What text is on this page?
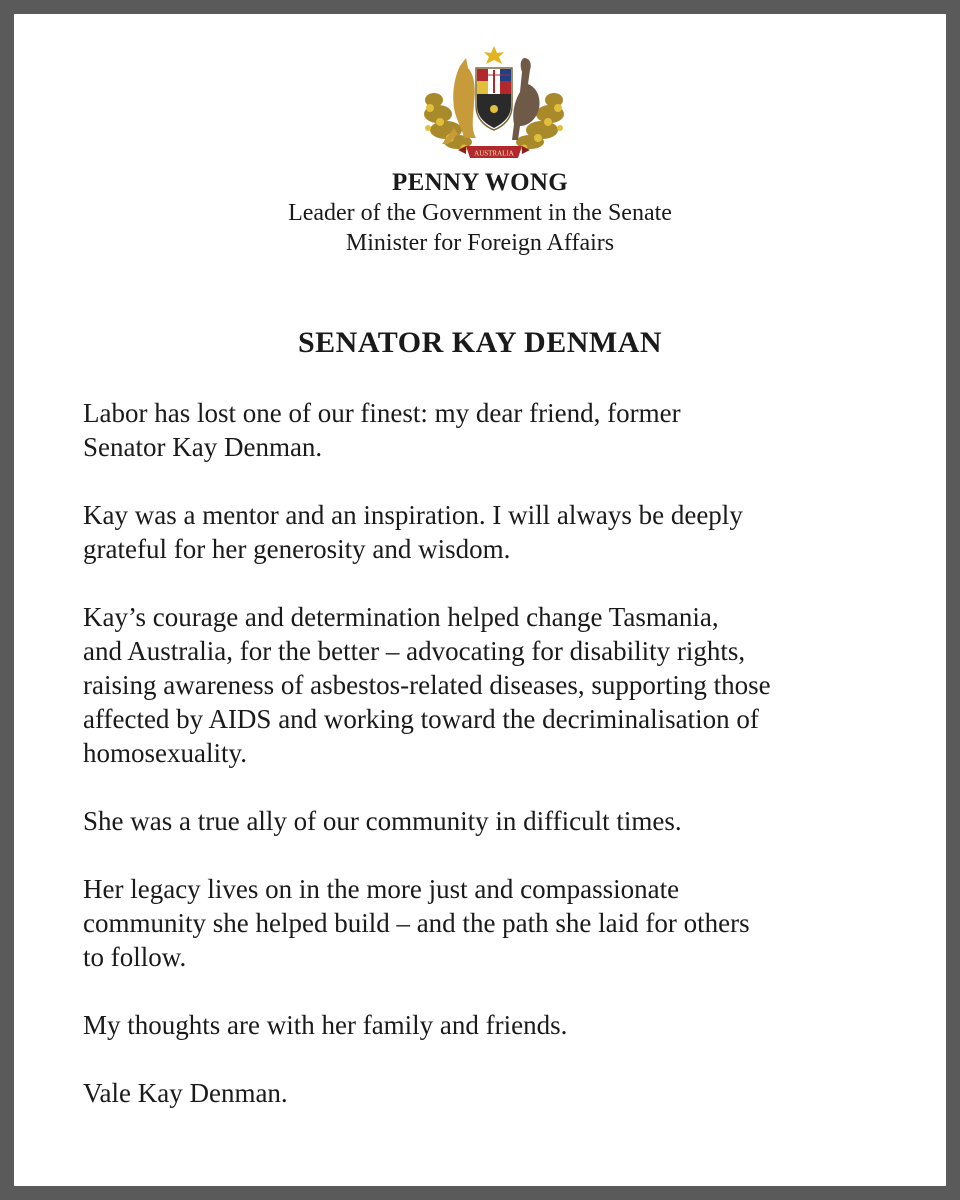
AUSTRALIA
PENNY WONG
Leader of the Government in the Senate
Minister for Foreign Affairs
SENATOR KAY DENMAN

Labor has lost one of our finest: my dear friend, former
Senator Kay Denman.

Kay was a mentor and an inspiration. I will always be deeply
grateful for her generosity and wisdom.

Kay’s courage and determination helped change Tasmania,
and Australia, for the better – advocating for disability rights,
raising awareness of asbestos-related diseases, supporting those
affected by AIDS and working toward the decriminalisation of
homosexuality.

She was a true ally of our community in difficult times.

Her legacy lives on in the more just and compassionate
community she helped build – and the path she laid for others
to follow.

My thoughts are with her family and friends.

Vale Kay Denman.
